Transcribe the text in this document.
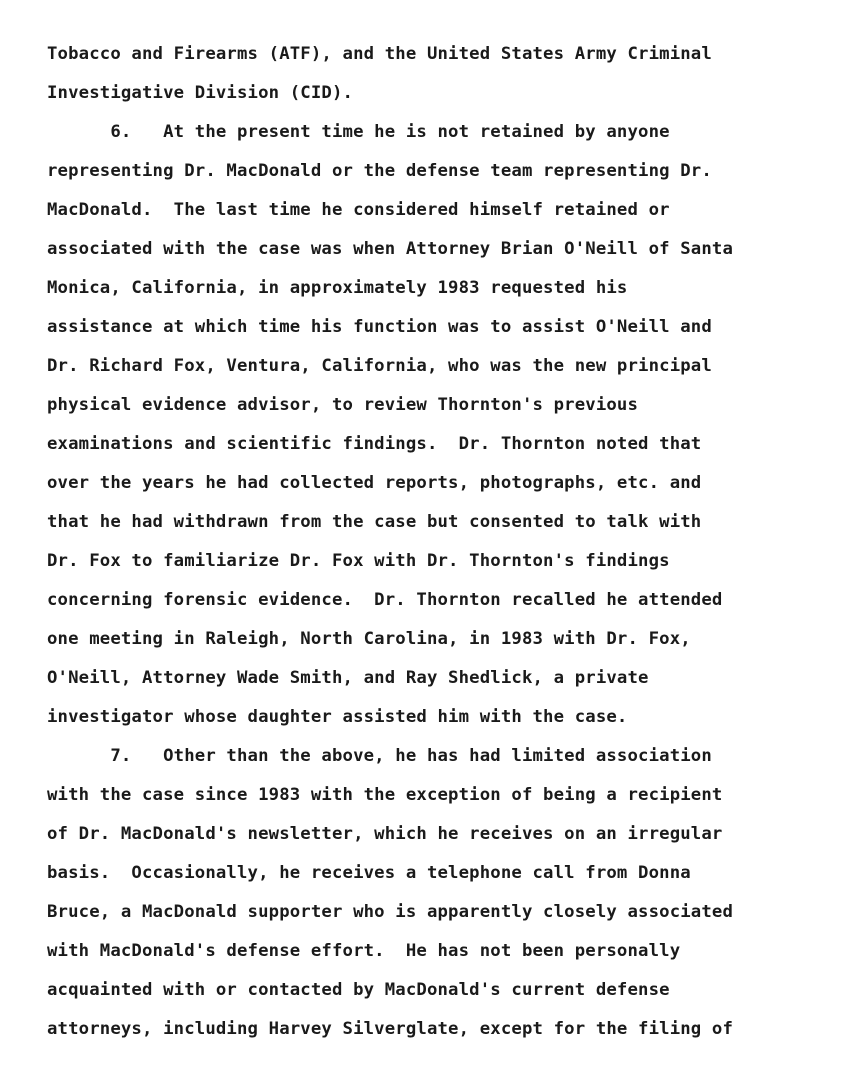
Tobacco and Firearms (ATF), and the United States Army Criminal
Investigative Division (CID).
6.   At the present time he is not retained by anyone
representing Dr. MacDonald or the defense team representing Dr.
MacDonald.  The last time he considered himself retained or
associated with the case was when Attorney Brian O'Neill of Santa
Monica, California, in approximately 1983 requested his
assistance at which time his function was to assist O'Neill and
Dr. Richard Fox, Ventura, California, who was the new principal
physical evidence advisor, to review Thornton's previous
examinations and scientific findings.  Dr. Thornton noted that
over the years he had collected reports, photographs, etc. and
that he had withdrawn from the case but consented to talk with
Dr. Fox to familiarize Dr. Fox with Dr. Thornton's findings
concerning forensic evidence.  Dr. Thornton recalled he attended
one meeting in Raleigh, North Carolina, in 1983 with Dr. Fox,
O'Neill, Attorney Wade Smith, and Ray Shedlick, a private
investigator whose daughter assisted him with the case.
7.   Other than the above, he has had limited association
with the case since 1983 with the exception of being a recipient
of Dr. MacDonald's newsletter, which he receives on an irregular
basis.  Occasionally, he receives a telephone call from Donna
Bruce, a MacDonald supporter who is apparently closely associated
with MacDonald's defense effort.  He has not been personally
acquainted with or contacted by MacDonald's current defense
attorneys, including Harvey Silverglate, except for the filing of
